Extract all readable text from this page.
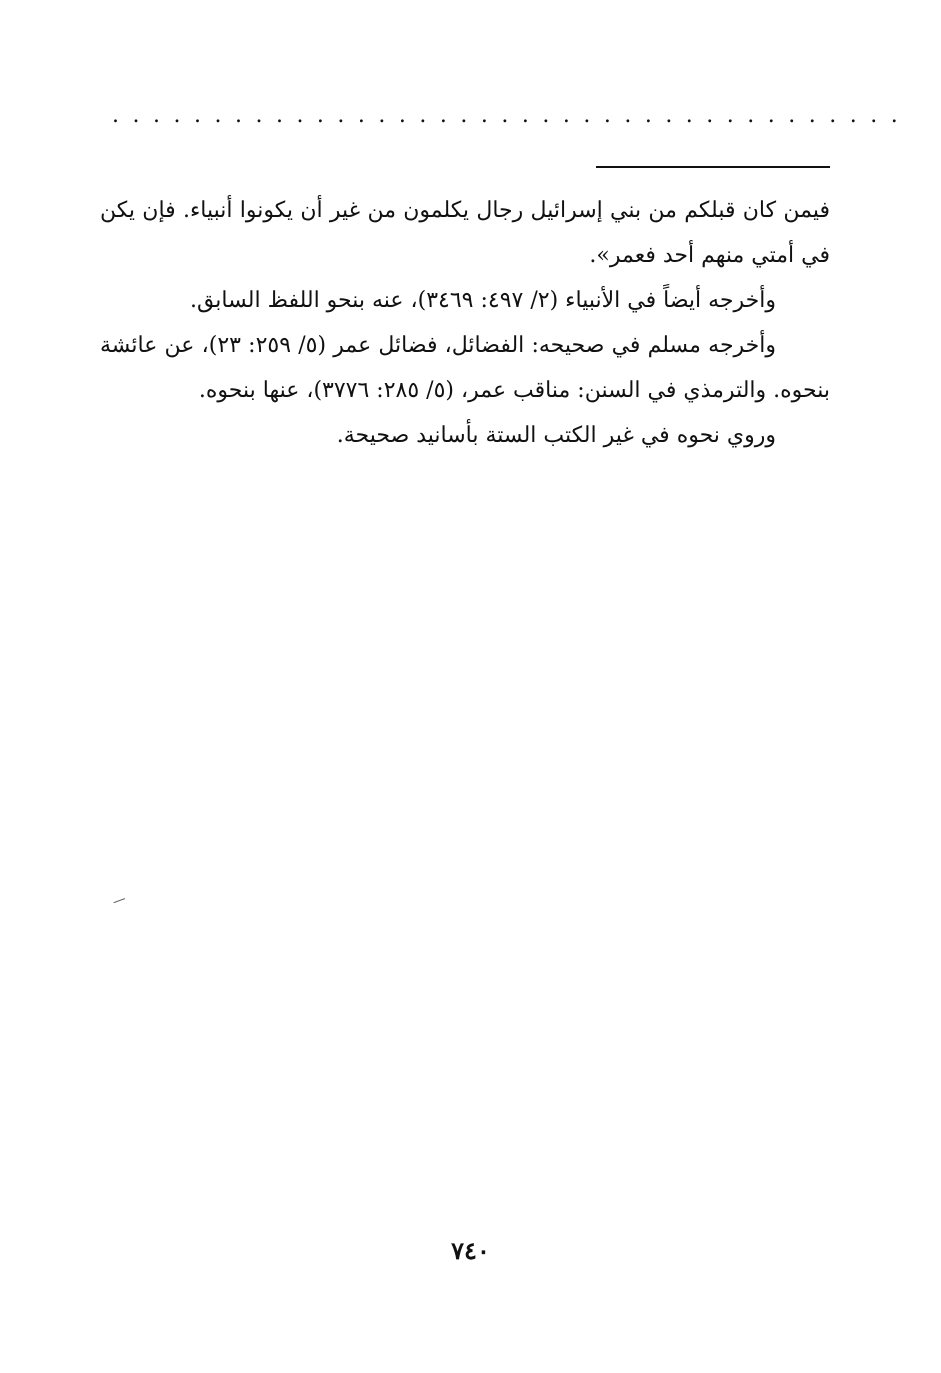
.......................................

فيمن كان قبلكم من بني إسرائيل رجال يكلمون من غير أن يكونوا أنبياء. فإن يكن في أمتي منهم أحد فعمر».

وأخرجه أيضاً في الأنبياء (٢/ ٤٩٧: ٣٤٦٩)، عنه بنحو اللفظ السابق.

وأخرجه مسلم في صحيحه: الفضائل، فضائل عمر (٥/ ٢٥٩: ٢٣)، عن عائشة بنحوه. والترمذي في السنن: مناقب عمر، (٥/ ٢٨٥: ٣٧٧٦)، عنها بنحوه.

وروي نحوه في غير الكتب الستة بأسانيد صحيحة.

٧٤٠
